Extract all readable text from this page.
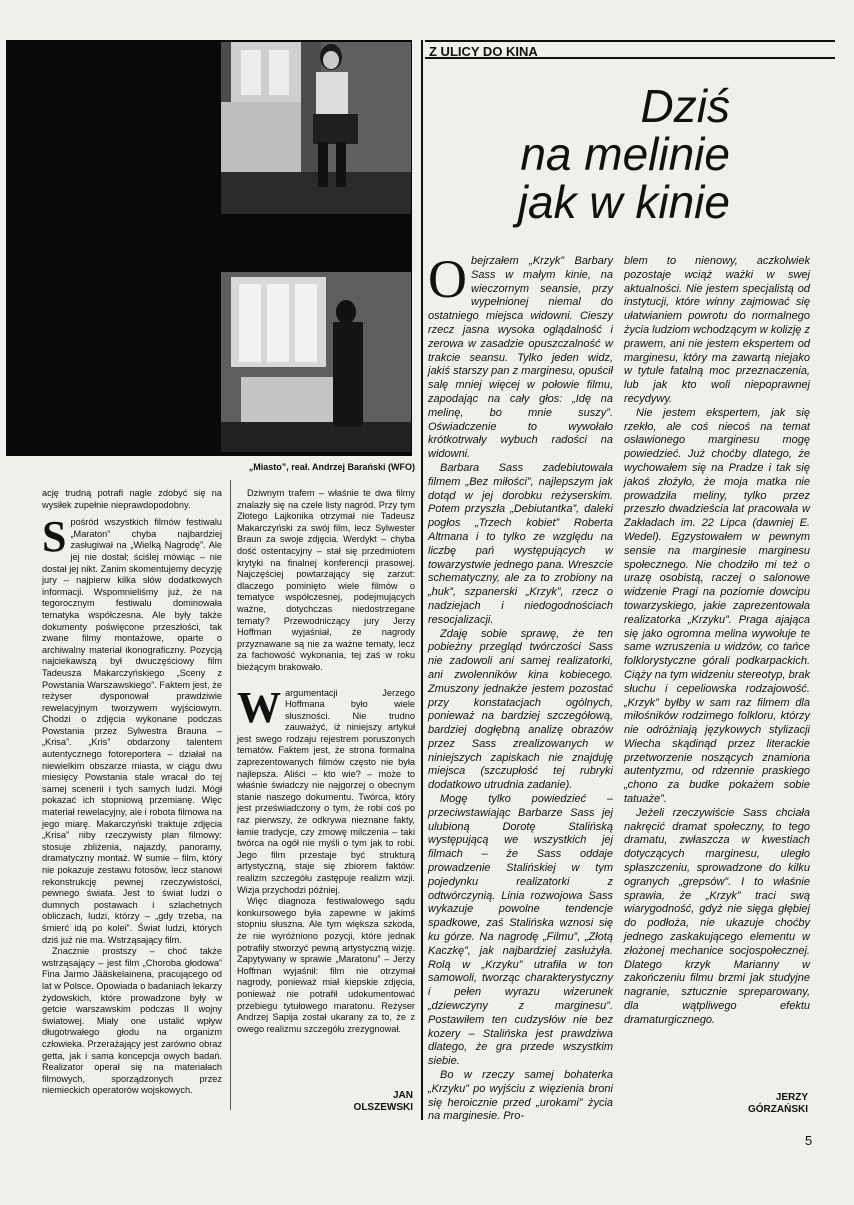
„Miasto”, reał. Andrzej Barański (WFO)
Z ULICY DO KINA
Dziś
na melinie
jak w kinie

ację trudną potrafi nagle zdobyć się na wysiłek zupełnie nieprawdopodobny.

Spośród wszystkich filmów festiwalu „Maraton” chyba najbardziej zasługiwał na „Wielką Nagrodę”. Ale jej nie dostał; ściślej mówiąc – nie dostał jej nikt. Zanim skomentujemy decyzję jury – najpierw kilka słów dodatkowych informacji. Wspomnieliśmy już, że na tegorocznym festiwalu dominowała tematyka współczesna. Ale były także dokumenty poświęcone przeszłości, tak zwane filmy montażowe, oparte o archiwalny materiał ikonograficzny. Pozycją najciekawszą był dwuczęściowy film Tadeusza Makarczyńskiego „Sceny z Powstania Warszawskiego”. Faktem jest, że reżyser dysponował prawdziwie rewelacyjnym tworzywem wyjściowym. Chodzi o zdjęcia wykonane podczas Powstania przez Sylwestra Brauna – „Krisa”. „Kris” obdarzony talentem autentycznego fotoreportera – działał na niewielkim obszarze miasta, w ciągu dwu miesięcy Powstania stale wracał do tej samej scenerii i tych samych ludzi. Mógł pokazać ich stopniową przemianę. Więc materiał rewelacyjny, ale i robota filmowa na jego miarę. Makarczyński traktuje zdjęcia „Krisa” niby rzeczywisty plan filmowy: stosuje zbliżenia, najazdy, panoramy, dramatyczny montaż. W sumie – film, który nie pokazuje zestawu fotosów, lecz stanowi rekonstrukcję pewnej rzeczywistości, pewnego świata. Jest to świat ludzi o dumnych postawach i szlachetnych obliczach, ludzi, którzy – „gdy trzeba, na śmierć idą po kolei”. Świat ludzi, których dziś już nie ma. Wstrząsający film.

Znacznie prostszy – choć także wstrząsający – jest film „Choroba głodowa” Fina Jarmo Jääskelainena, pracującego od lat w Polsce. Opowiada o badaniach lekarzy żydowskich, które prowadzone były w getcie warszawskim podczas II wojny światowej. Miały one ustalić wpływ długotrwałego głodu na organizm człowieka. Przerażający jest zarówno obraz getta, jak i sama koncepcja owych badań. Realizator operał się na materiałach filmowych, sporządzonych przez niemieckich operatorów wojskowych.

Dziwnym trafem – właśnie te dwa filmy znalazły się na czele listy nagród. Przy tym Złotego Lajkonika otrzymał nie Tadeusz Makarczyński za swój film, lecz Sylwester Braun za swoje zdjęcia. Werdykt – chyba dość ostentacyjny – stał się przedmiotem krytyki na finalnej konferencji prasowej. Najczęściej powtarzający się zarzut: dlaczego pominięto wiele filmów o tematyce współczesnej, podejmujących ważne, dotychczas niedostrzegane tematy? Przewodniczący jury Jerzy Hoffman wyjaśniał, że nagrody przyznawane są nie za ważne tematy, lecz za fachowość wykonania, tej zaś w roku bieżącym brakowało.

Wargumentacji Jerzego Hoffmana było wiele słuszności. Nie trudno zauważyć, iż niniejszy artykuł jest swego rodzaju rejestrem poruszonych tematów. Faktem jest, że strona formalna zaprezentowanych filmów często nie była najlepsza. Aliści – kto wie? – może to właśnie świadczy nie najgorzej o obecnym stanie naszego dokumentu. Twórca, który jest przeświadczony o tym, że robi coś po raz pierwszy, że odkrywa nieznane fakty, łamie tradycje, czy zmowę milczenia – taki twórca na ogół nie myśli o tym jak to robi. Jego film przestaje być strukturą artystyczną, staje się zbiorem faktów: realizm szczegółu zastępuje realizm wizji. Wizja przychodzi później.

Więc diagnoza festiwalowego sądu konkursowego była zapewne w jakimś stopniu słuszna. Ale tym większa szkoda, że nie wyróżniono pozycji, które jednak potrafiły stworzyć pewną artystyczną wizję. Zapytywany w sprawie „Maratonu” – Jerzy Hoffman wyjaśnił: film nie otrzymał nagrody, ponieważ miał kiepskie zdjęcia, ponieważ nie potrafił udokumentować przebiegu tytułowego maratonu. Reżyser Andrzej Sapija został ukarany za to, że z owego realizmu szczegółu zrezygnował.

JAN
OLSZEWSKI

Obejrzałem „Krzyk” Barbary Sass w małym kinie, na wieczornym seansie, przy wypełnionej niemal do ostatniego miejsca widowni. Cieszy rzecz jasna wysoka oglądalność i zerowa w zasadzie opuszczalność w trakcie seansu. Tylko jeden widz, jakiś starszy pan z marginesu, opuścił salę mniej więcej w połowie filmu, zapodając na cały głos: „Idę na melinę, bo mnie suszy”. Oświadczenie to wywołało krótkotrwały wybuch radości na widowni.

Barbara Sass zadebiutowała filmem „Bez miłości”, najlepszym jak dotąd w jej dorobku reżyserskim. Potem przyszła „Debiutantka”, daleki pogłos „Trzech kobiet” Roberta Altmana i to tylko ze względu na liczbę pań występujących w towarzystwie jednego pana. Wreszcie schematyczny, ale za to zrobiony na „huk”, szpanerski „Krzyk”, rzecz o nadziejach i niedogodnościach resocjalizacji.

Zdaję sobie sprawę, że ten pobieżny przegląd twórczości Sass nie zadowoli ani samej realizatorki, ani zwolenników kina kobiecego. Zmuszony jednakże jestem pozostać przy konstatacjach ogólnych, ponieważ na bardziej szczegółową, bardziej dogłębną analizę obrazów przez Sass zrealizowanych w niniejszych zapiskach nie znajduję miejsca (szczupłość tej rubryki dodatkowo utrudnia zadanie).

Mogę tylko powiedzieć – przeciwstawiając Barbarze Sass jej ulubioną Dorotę Stalińską występującą we wszystkich jej filmach – że Sass oddaje prowadzenie Stalińskiej w tym pojedynku realizatorki z odtwórczynią. Linia rozwojowa Sass wykazuje powolne tendencje spadkowe, zaś Stalińska wznosi się ku górze. Na nagrodę „Filmu”, „Złotą Kaczkę”, jak najbardziej zasłużyła. Rolą w „Krzyku” utrafiła w ton samowoli, tworząc charakterystyczny i pełen wyrazu wizerunek „dziewczyny z marginesu”. Postawiłem ten cudzysłów nie bez kozery – Stalińska jest prawdziwa dlatego, że gra przede wszystkim siebie.

Bo w rzeczy samej bohaterka „Krzyku” po wyjściu z więzienia broni się heroicznie przed „urokami” życia na marginesie. Pro-

blem to nienowy, aczkolwiek pozostaje wciąż ważki w swej aktualności. Nie jestem specjalistą od instytucji, które winny zajmować się ułatwianiem powrotu do normalnego życia ludziom wchodzącym w kolizję z prawem, ani nie jestem ekspertem od marginesu, który ma zawartą niejako w tytule fatalną moc przeznaczenia, lub jak kto woli niepoprawnej recydywy.

Nie jestem ekspertem, jak się rzekło, ale coś niecoś na temat osławionego marginesu mogę powiedzieć. Już choćby dlatego, że wychowałem się na Pradze i tak się jakoś złożyło, że moja matka nie prowadziła meliny, tylko przez przeszło dwadzieścia lat pracowała w Zakładach im. 22 Lipca (dawniej E. Wedel). Egzystowałem w pewnym sensie na marginesie marginesu społecznego. Nie chodziło mi też o urazę osobistą, raczej o salonowe widzenie Pragi na poziomie dowcipu towarzyskiego, jakie zaprezentowała realizatorka „Krzyku”. Praga ajająca się jako ogromna melina wywołuje te same wzruszenia u widzów, co tańce folklorystyczne górali podkarpackich. Ciąży na tym widzeniu stereotyp, brak słuchu i cepeliowska rodzajowość. „Krzyk” byłby w sam raz filmem dla miłośników rodzimego folkloru, którzy nie odróżniają językowych stylizacji Wiecha skądinąd przez literackie przetworzenie noszących znamiona autentyzmu, od rdzennie praskiego „chono za budke pokażem sobie tatuaże”.

Jeżeli rzeczywiście Sass chciała nakręcić dramat społeczny, to tego dramatu, zwłaszcza w kwestiach dotyczących marginesu, uległo spłaszczeniu, sprowadzone do kilku ogranych „grepsów”. I to właśnie sprawia, że „Krzyk” traci swą wiarygodność, gdyż nie sięga głębiej do podłoża, nie ukazuje choćby jednego zaskakującego elementu w złożonej mechanice socjospołecznej. Dlatego krzyk Marianny w zakończeniu filmu brzmi jak studyjne nagranie, sztucznie spreparowany, dla wątpliwego efektu dramaturgicznego.

JERZY
GÓRZAŃSKI
5
